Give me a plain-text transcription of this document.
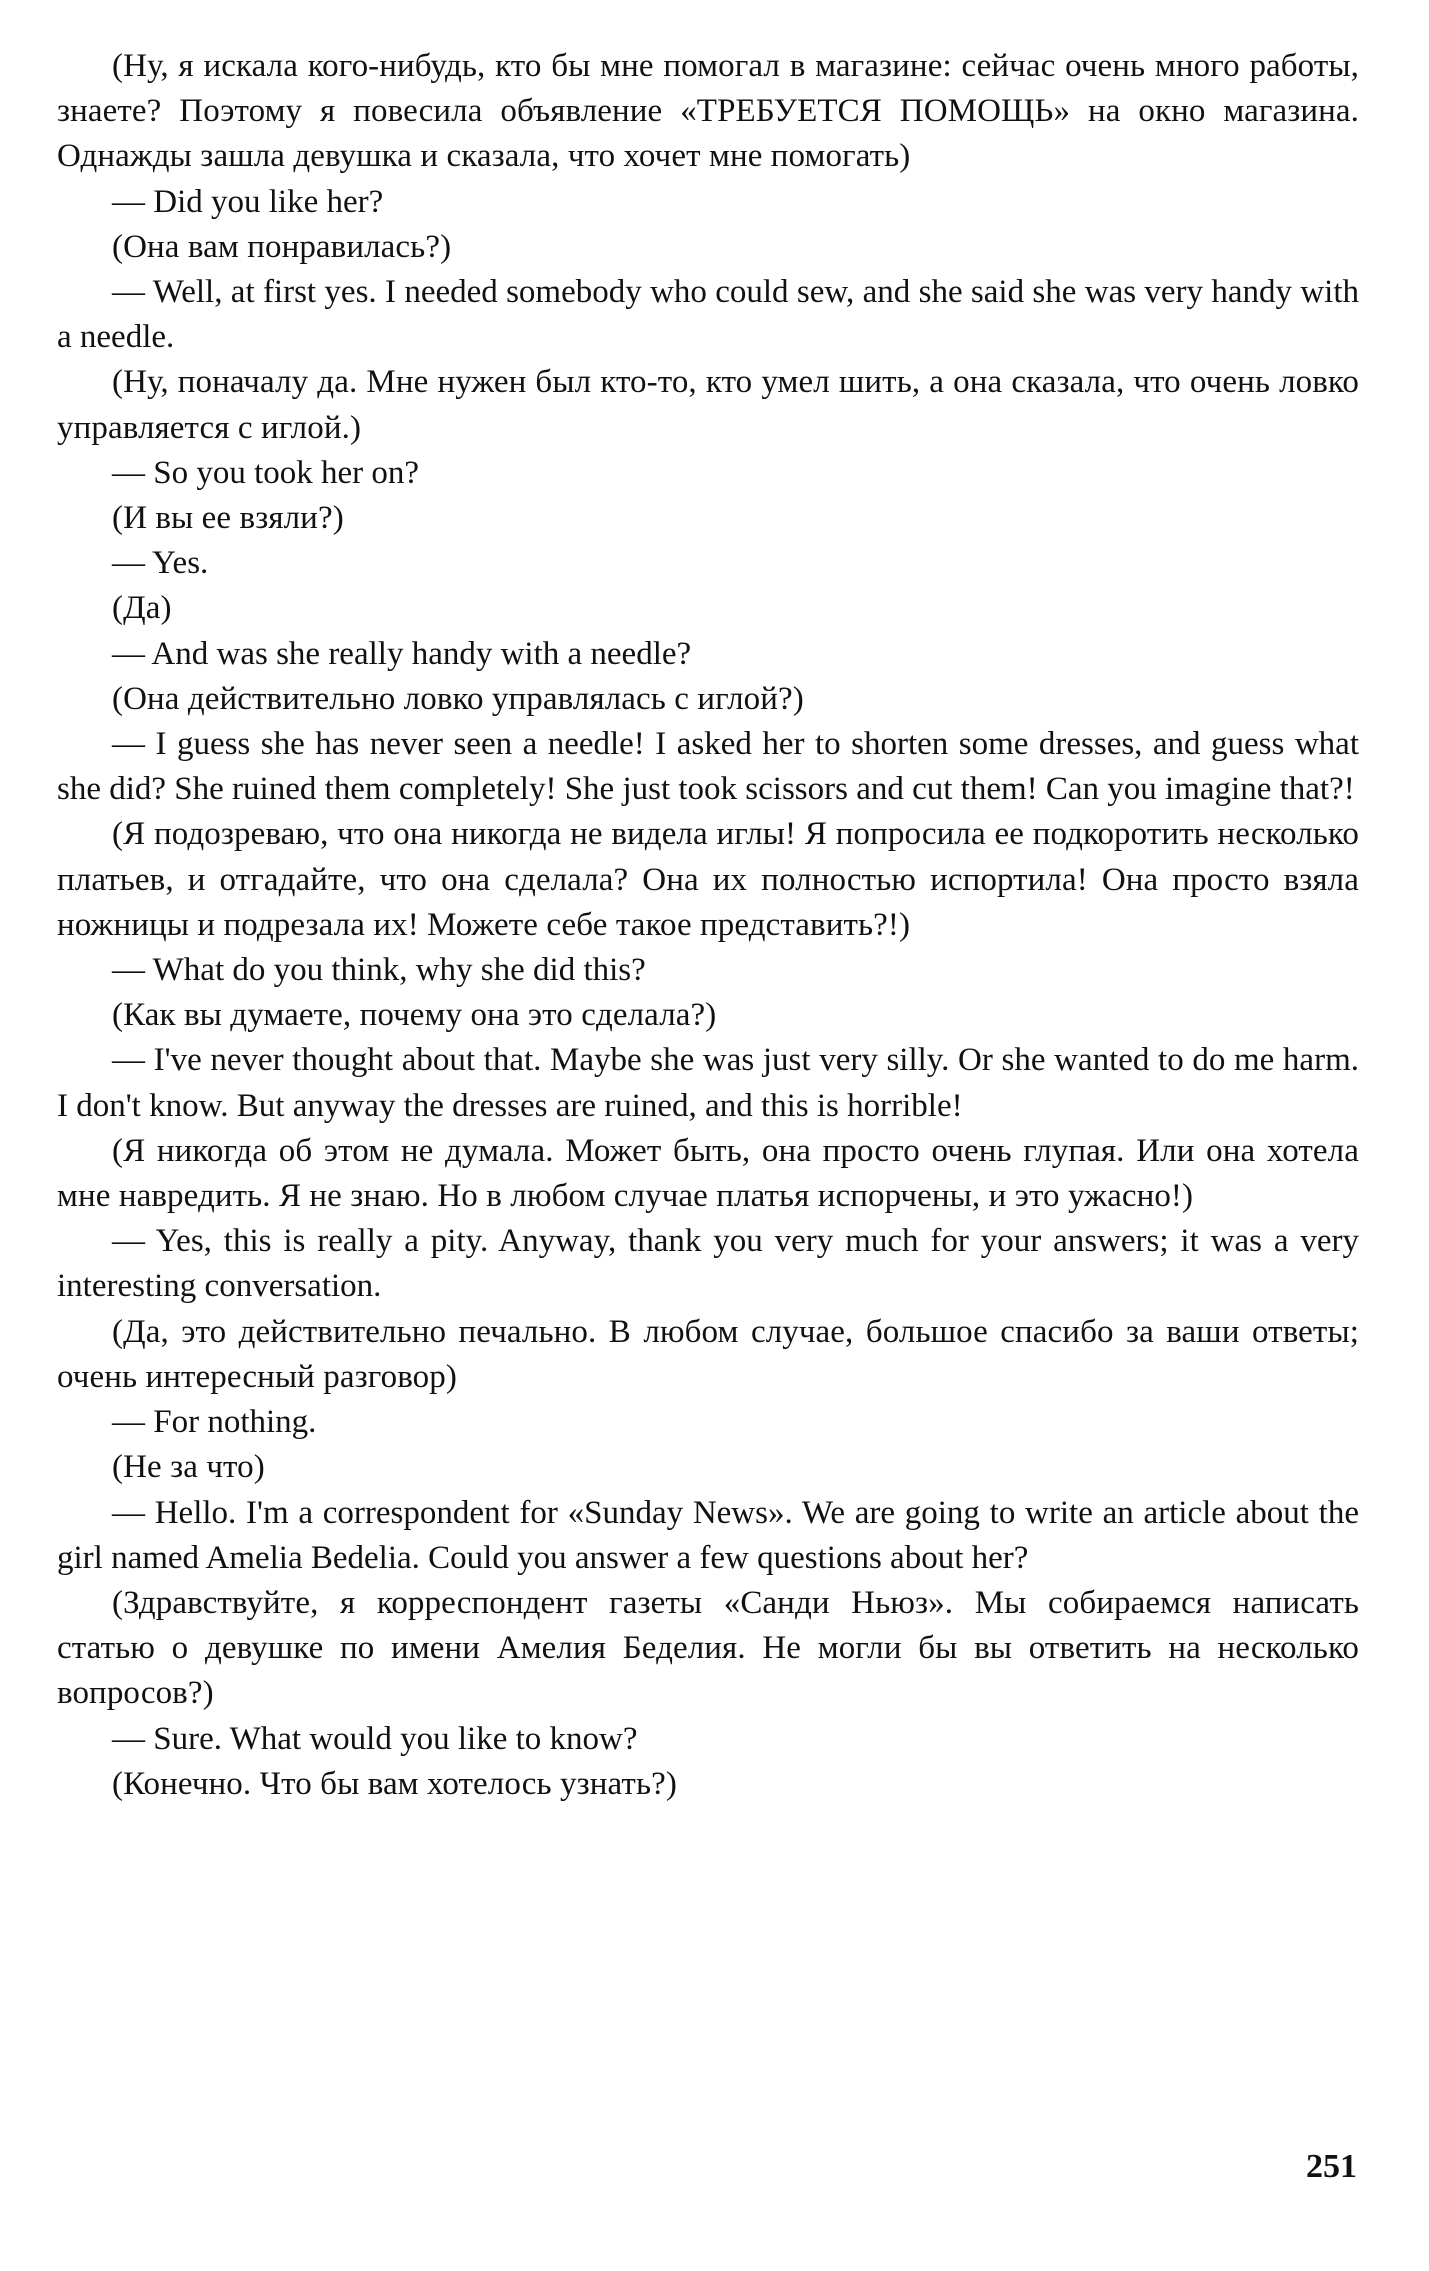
(Ну, я искала кого-нибудь, кто бы мне помогал в магазине: сейчас очень много работы, знаете? Поэтому я повесила объявление «ТРЕБУЕТСЯ ПОМОЩЬ» на окно магазина. Однажды зашла девушка и сказала, что хочет мне помогать)

— Did you like her?

(Она вам понравилась?)

— Well, at first yes. I needed somebody who could sew, and she said she was very handy with a needle.

(Ну, поначалу да. Мне нужен был кто-то, кто умел шить, а она сказала, что очень ловко управляется с иглой.)

— So you took her on?

(И вы ее взяли?)

— Yes.

(Да)

— And was she really handy with a needle?

(Она действительно ловко управлялась с иглой?)

— I guess she has never seen a needle! I asked her to shorten some dresses, and guess what she did? She ruined them completely! She just took scissors and cut them! Can you imagine that?!

(Я подозреваю, что она никогда не видела иглы! Я попросила ее подкоротить несколько платьев, и отгадайте, что она сделала? Она их полностью испортила! Она просто взяла ножницы и подрезала их! Можете себе такое представить?!)

— What do you think, why she did this?

(Как вы думаете, почему она это сделала?)

— I've never thought about that. Maybe she was just very silly. Or she wanted to do me harm. I don't know. But anyway the dresses are ruined, and this is horrible!

(Я никогда об этом не думала. Может быть, она просто очень глупая. Или она хотела мне навредить. Я не знаю. Но в любом случае платья испорчены, и это ужасно!)

— Yes, this is really a pity. Anyway, thank you very much for your answers; it was a very interesting conversation.

(Да, это действительно печально. В любом случае, большое спасибо за ваши ответы; очень интересный разговор)

— For nothing.

(Не за что)

— Hello. I'm a correspondent for «Sunday News». We are going to write an article about the girl named Amelia Bedelia. Could you answer a few questions about her?

(Здравствуйте, я корреспондент газеты «Санди Ньюз». Мы собираемся написать статью о девушке по имени Амелия Беделия. Не могли бы вы ответить на несколько вопросов?)

— Sure. What would you like to know?

(Конечно. Что бы вам хотелось узнать?)

251
